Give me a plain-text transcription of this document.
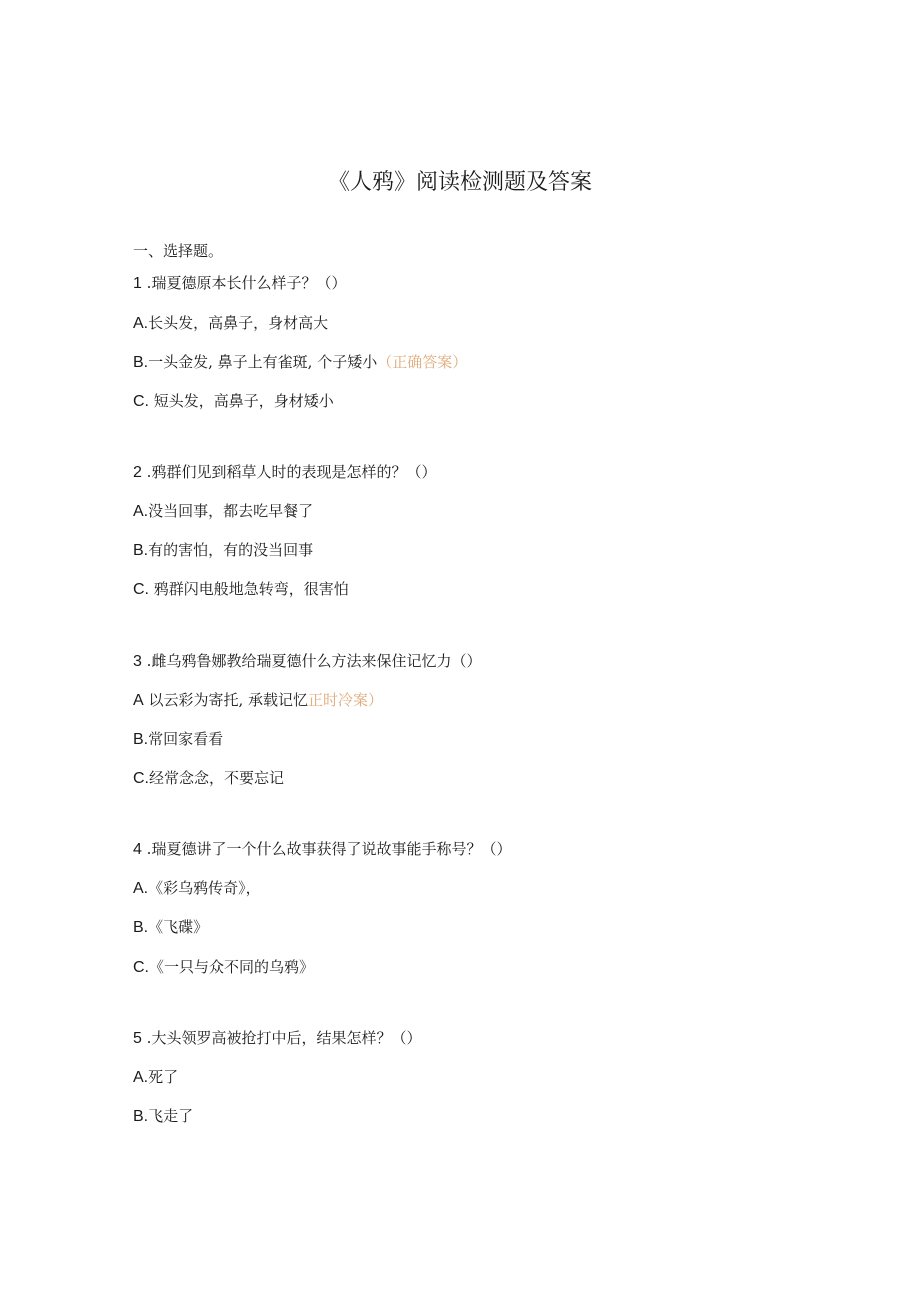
《人鸦》阅读检测题及答案
一、选择题。
1 .瑞夏德原本长什么样子？（）
A.长头发，高鼻子，身材高大
B.一头金发, 鼻子上有雀斑, 个子矮小（正确答案）
C. 短头发，高鼻子，身材矮小
2 .鸦群们见到稻草人时的表现是怎样的？（）
A.没当回事，都去吃早餐了
B.有的害怕，有的没当回事
C. 鸦群闪电般地急转弯，很害怕
3 .雌乌鸦鲁娜教给瑞夏德什么方法来保住记忆力（）
A 以云彩为寄托, 承载记忆正时冷案）
B.常回家看看
C.经常念念，不要忘记
4 .瑞夏德讲了一个什么故事获得了说故事能手称号？（）
A.《彩乌鸦传奇》，
B.《飞碟》
C.《一只与众不同的乌鸦》
5 .大头领罗高被抢打中后，结果怎样？（）
A.死了
B.飞走了
